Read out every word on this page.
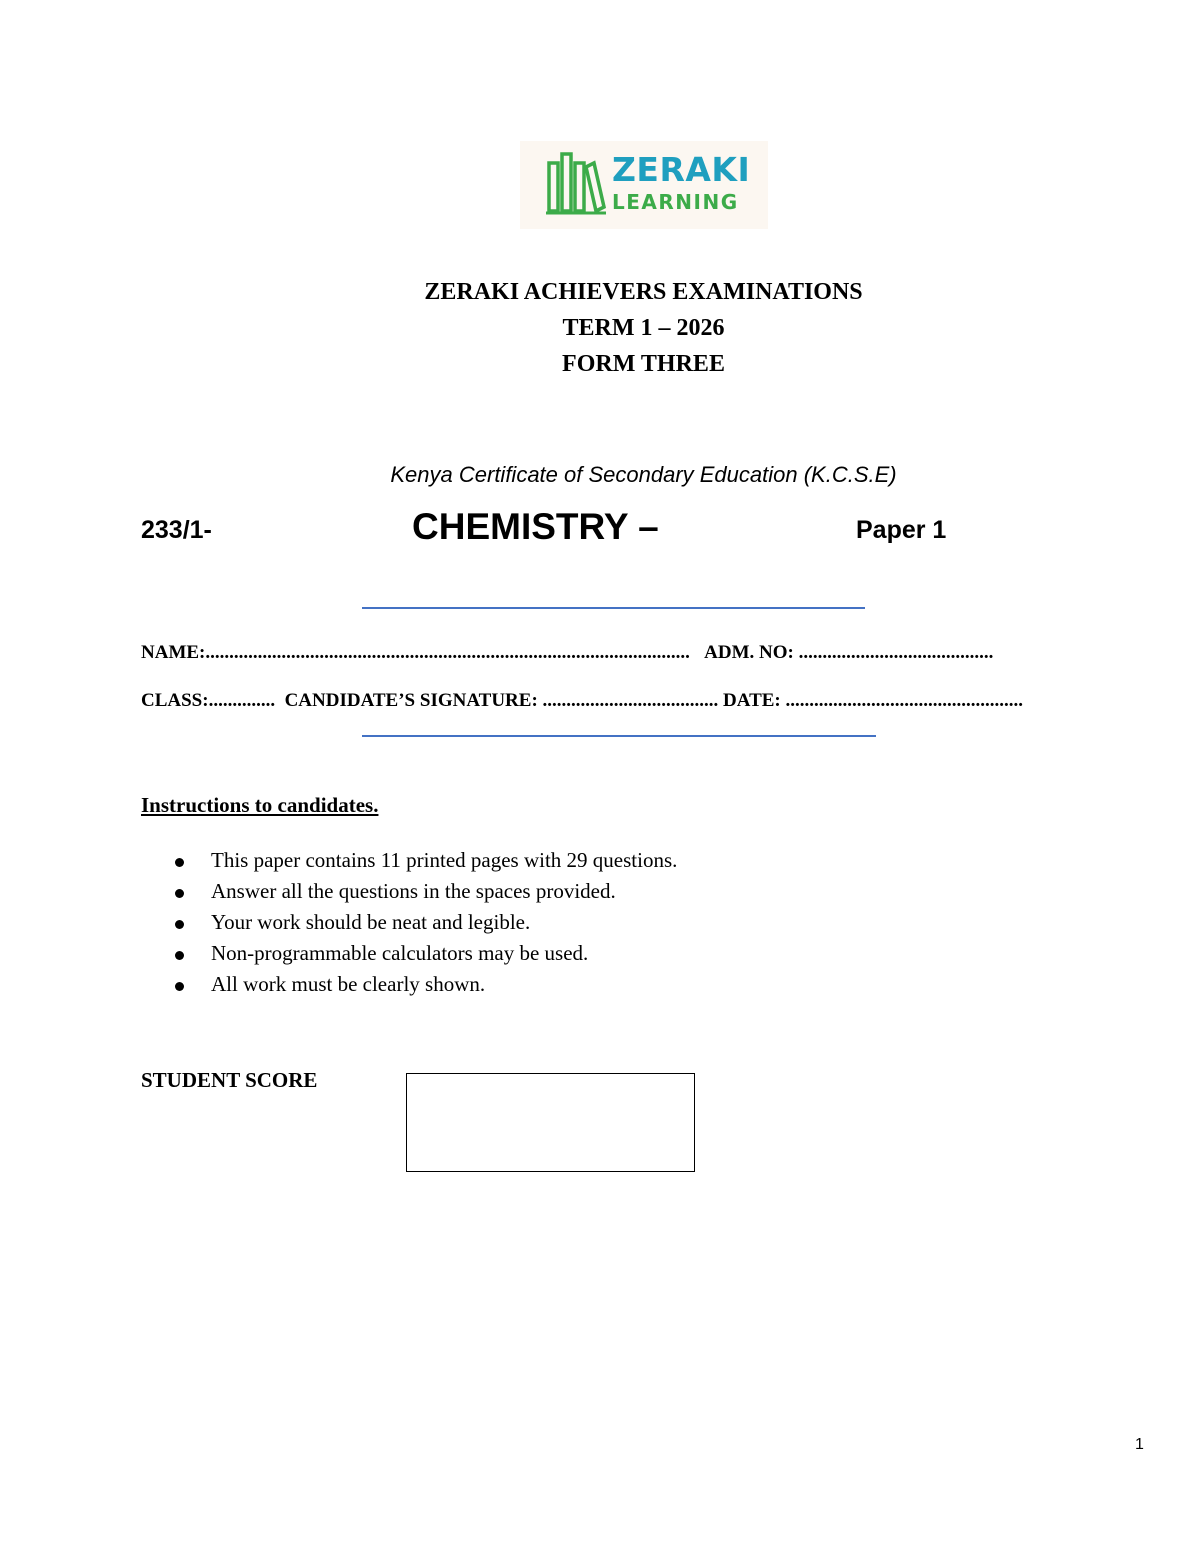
ZERAKI
LEARNING
ZERAKI ACHIEVERS EXAMINATIONS
TERM 1 – 2026
FORM THREE
Kenya Certificate of Secondary Education (K.C.S.E)
233/1-	CHEMISTRY –	Paper 1
NAME:...................................................................................................... ADM. NO: .........................................
CLASS:.............. CANDIDATE’S SIGNATURE: ..................................... DATE: ..................................................
Instructions to candidates.
This paper contains 11 printed pages with 29 questions.
Answer all the questions in the spaces provided.
Your work should be neat and legible.
Non-programmable calculators may be used.
All work must be clearly shown.
STUDENT SCORE
1
